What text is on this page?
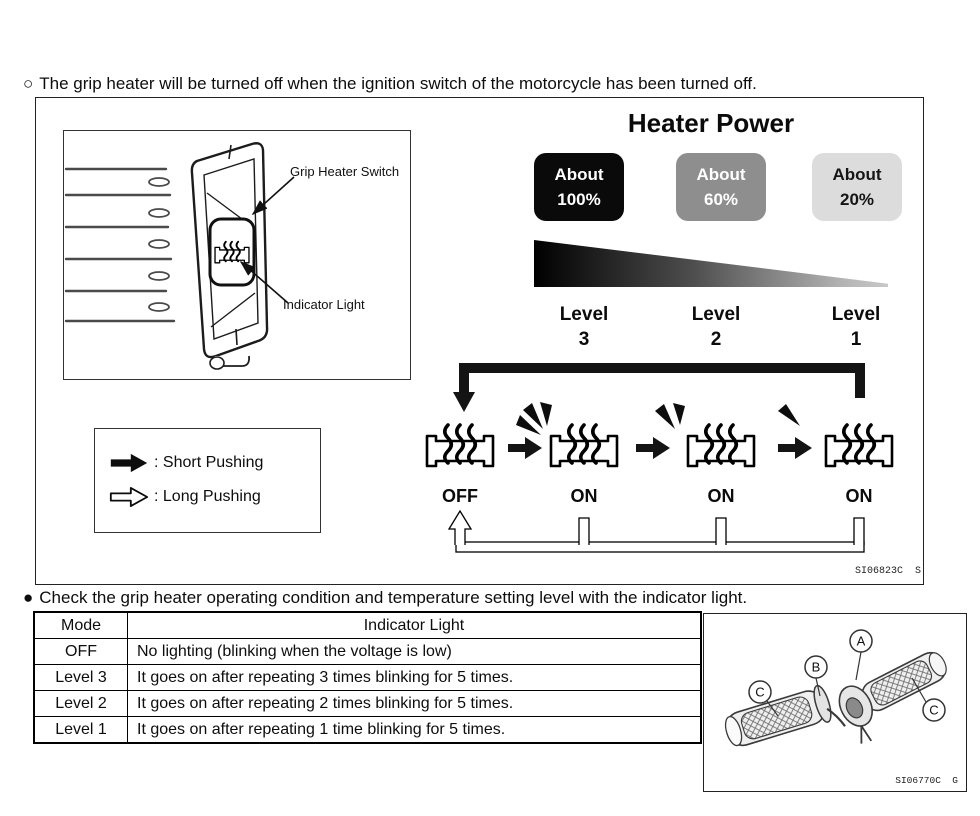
○ The grip heater will be turned off when the ignition switch of the motorcycle has been turned off.
Grip Heater Switch
Indicator Light
Heater Power
About
100%
About
60%
About
20%
Level
3
Level
2
Level
1
OFF	ON	ON	ON
: Short Pushing
: Long Pushing
SI06823C  S
● Check the grip heater operating condition and temperature setting level with the indicator light.
Mode	Indicator Light
OFF	No lighting (blinking when the voltage is low)
Level 3	It goes on after repeating 3 times blinking for 5 times.
Level 2	It goes on after repeating 2 times blinking for 5 times.
Level 1	It goes on after repeating 1 time blinking for 5 times.
A
B
C
C
SI06770C  G
